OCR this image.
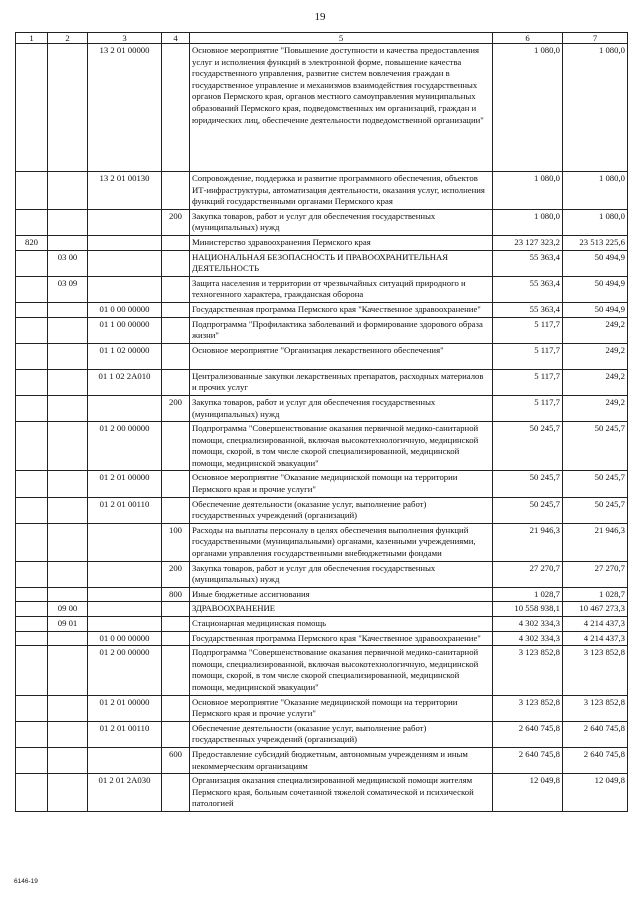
19
1	2	3	4	5	6	7
		13 2 01 00000		Основное мероприятие "Повышение доступности и качества предоставления услуг и исполнения функций в электронной форме, повышение качества государственного управления, развитие систем вовлечения граждан в государственное управление и механизмов взаимодействия государственных органов Пермского края, органов местного самоуправления муниципальных образований Пермского края, подведомственных им организаций, граждан и юридических лиц, обеспечение деятельности подведомственной организации"	1 080,0	1 080,0
		13 2 01 00130		Сопровождение, поддержка и развитие программного обеспечения, объектов ИТ-инфраструктуры, автоматизация деятельности, оказания услуг, исполнения функций государственными органами Пермского края	1 080,0	1 080,0
			200	Закупка товаров, работ и услуг для обеспечения государственных (муниципальных) нужд	1 080,0	1 080,0
820				Министерство здравоохранения Пермского края	23 127 323,2	23 513 225,6
	03 00			НАЦИОНАЛЬНАЯ БЕЗОПАСНОСТЬ И ПРАВООХРАНИТЕЛЬНАЯ ДЕЯТЕЛЬНОСТЬ	55 363,4	50 494,9
	03 09			Защита населения и территории от чрезвычайных ситуаций природного и техногенного характера, гражданская оборона	55 363,4	50 494,9
		01 0 00 00000		Государственная программа Пермского края "Качественное здравоохранение"	55 363,4	50 494,9
		01 1 00 00000		Подпрограмма "Профилактика заболеваний и формирование здорового образа жизни"	5 117,7	249,2
		01 1 02 00000		Основное мероприятие "Организация лекарственного обеспечения"	5 117,7	249,2
		01 1 02 2А010		Централизованные закупки лекарственных препаратов, расходных материалов и прочих услуг	5 117,7	249,2
			200	Закупка товаров, работ и услуг для обеспечения государственных (муниципальных) нужд	5 117,7	249,2
		01 2 00 00000		Подпрограмма "Совершенствование оказания первичной медико-санитарной помощи, специализированной, включая высокотехнологичную, медицинской помощи, скорой, в том числе скорой специализированной, медицинской помощи, медицинской эвакуации"	50 245,7	50 245,7
		01 2 01 00000		Основное мероприятие "Оказание медицинской помощи на территории Пермского края и прочие услуги"	50 245,7	50 245,7
		01 2 01 00110		Обеспечение деятельности (оказание услуг, выполнение работ) государственных учреждений (организаций)	50 245,7	50 245,7
			100	Расходы на выплаты персоналу в целях обеспечения выполнения функций государственными (муниципальными) органами, казенными учреждениями, органами управления государственными внебюджетными фондами	21 946,3	21 946,3
			200	Закупка товаров, работ и услуг для обеспечения государственных (муниципальных) нужд	27 270,7	27 270,7
			800	Иные бюджетные ассигнования	1 028,7	1 028,7
	09 00			ЗДРАВООХРАНЕНИЕ	10 558 938,1	10 467 273,3
	09 01			Стационарная медицинская помощь	4 302 334,3	4 214 437,3
		01 0 00 00000		Государственная программа Пермского края "Качественное здравоохранение"	4 302 334,3	4 214 437,3
		01 2 00 00000		Подпрограмма "Совершенствование оказания первичной медико-санитарной помощи, специализированной, включая высокотехнологичную, медицинской помощи, скорой, в том числе скорой специализированной, медицинской помощи, медицинской эвакуации"	3 123 852,8	3 123 852,8
		01 2 01 00000		Основное мероприятие "Оказание медицинской помощи на территории Пермского края и прочие услуги"	3 123 852,8	3 123 852,8
		01 2 01 00110		Обеспечение деятельности (оказание услуг, выполнение работ) государственных учреждений (организаций)	2 640 745,8	2 640 745,8
			600	Предоставление субсидий бюджетным, автономным учреждениям и иным некоммерческим организациям	2 640 745,8	2 640 745,8
		01 2 01 2А030		Организация оказания специализированной медицинской помощи жителям Пермского края, больным сочетанной тяжелой соматической и психической патологией	12 049,8	12 049,8
6146-19
